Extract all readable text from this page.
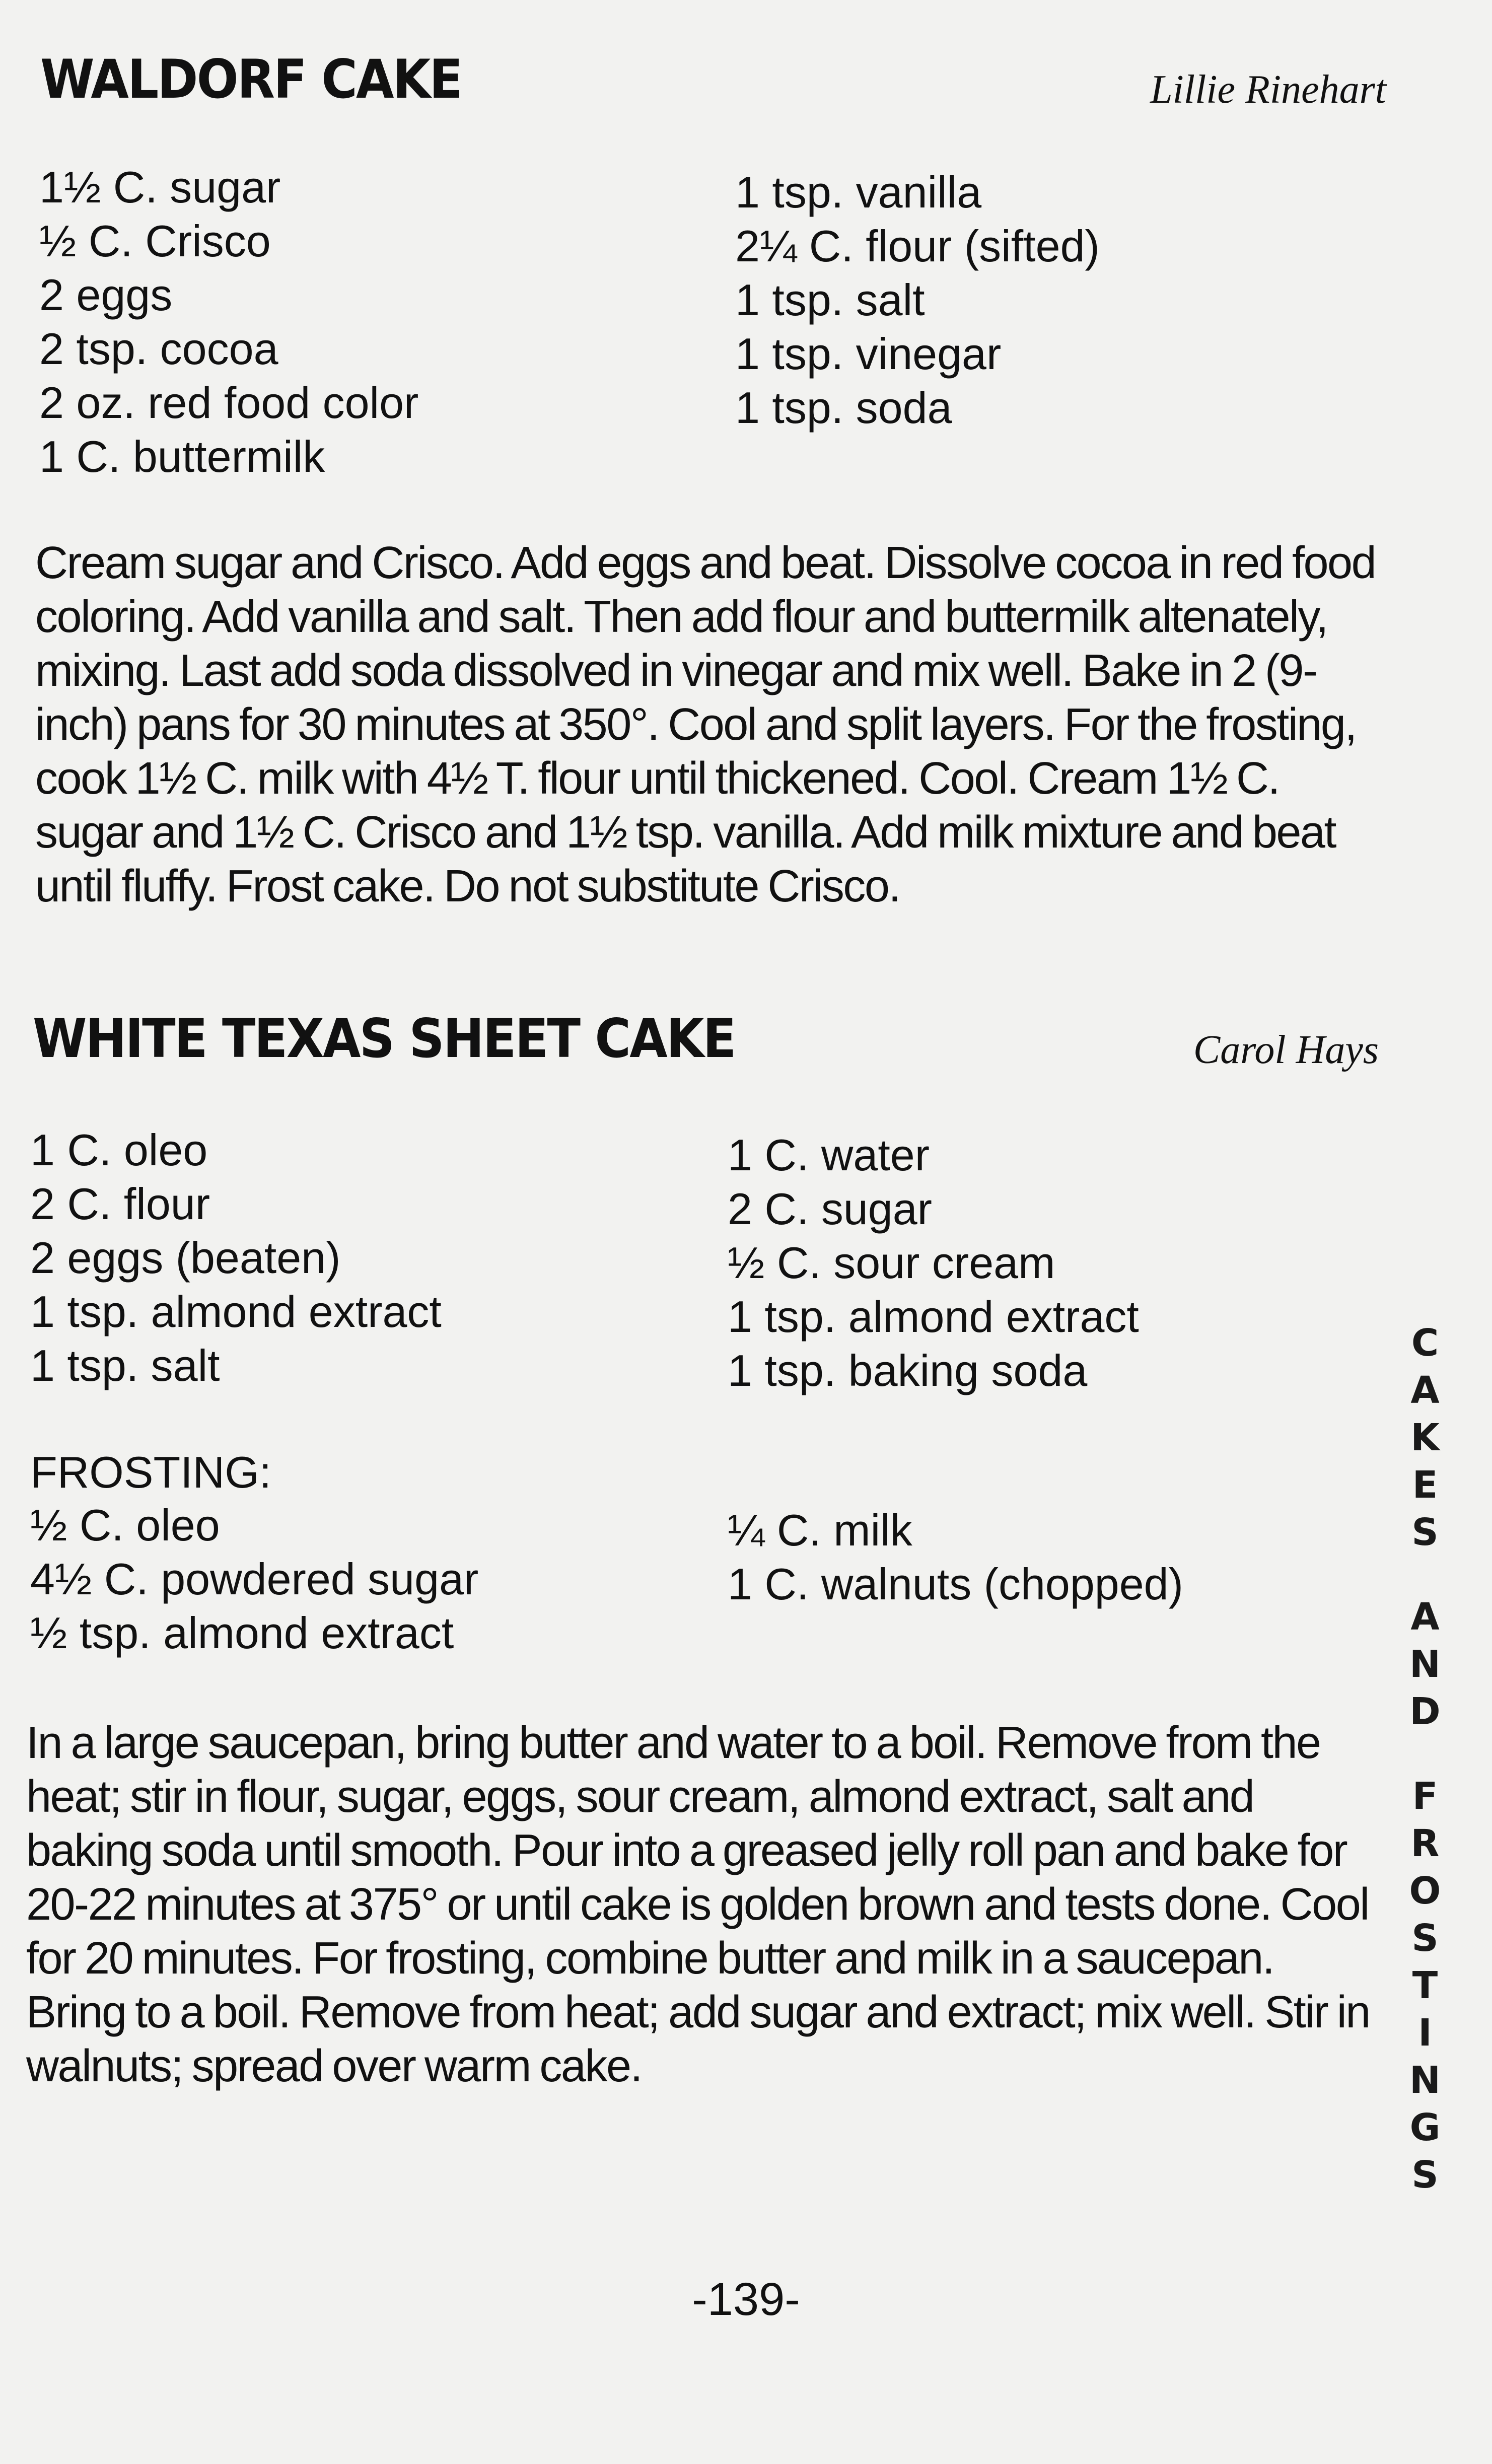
WALDORF CAKE	Lillie Rinehart
1½ C. sugar
½ C. Crisco
2 eggs
2 tsp. cocoa
2 oz. red food color
1 C. buttermilk
1 tsp. vanilla
2¼ C. flour (sifted)
1 tsp. salt
1 tsp. vinegar
1 tsp. soda

Cream sugar and Crisco. Add eggs and beat. Dissolve cocoa in red food coloring. Add vanilla and salt. Then add flour and buttermilk altenately, mixing. Last add soda dissolved in vinegar and mix well. Bake in 2 (9-inch) pans for 30 minutes at 350°. Cool and split layers. For the frosting, cook 1½ C. milk with 4½ T. flour until thickened. Cool. Cream 1½ C. sugar and 1½ C. Crisco and 1½ tsp. vanilla. Add milk mixture and beat until fluffy. Frost cake. Do not substitute Crisco.

WHITE TEXAS SHEET CAKE	Carol Hays
1 C. oleo
2 C. flour
2 eggs (beaten)
1 tsp. almond extract
1 tsp. salt
1 C. water
2 C. sugar
½ C. sour cream
1 tsp. almond extract
1 tsp. baking soda
FROSTING:
½ C. oleo
4½ C. powdered sugar
½ tsp. almond extract
¼ C. milk
1 C. walnuts (chopped)

In a large saucepan, bring butter and water to a boil. Remove from the heat; stir in flour, sugar, eggs, sour cream, almond extract, salt and baking soda until smooth. Pour into a greased jelly roll pan and bake for 20-22 minutes at 375° or until cake is golden brown and tests done. Cool for 20 minutes. For frosting, combine butter and milk in a saucepan. Bring to a boil. Remove from heat; add sugar and extract; mix well. Stir in walnuts; spread over warm cake.

C
A
K
E
S
A
N
D
F
R
O
S
T
I
N
G
S
-139-
